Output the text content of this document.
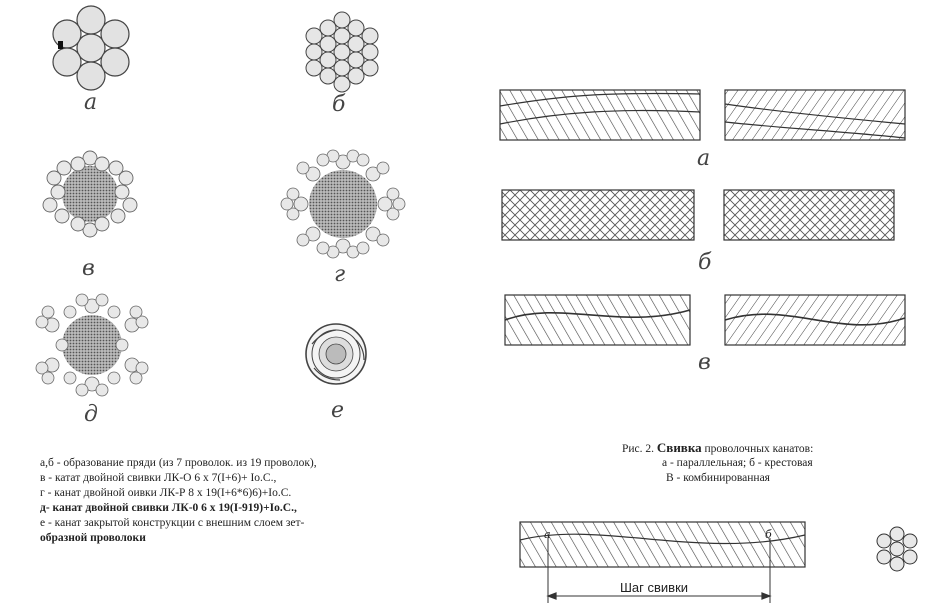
а	б
в	г
д	е
а,б - образование пряди (из 7 проволок. из 19 проволок),
в - катат двойной свивки ЛК-О 6 х 7(I+6)+ Iо.С.,
г - канат двойной оивки ЛК-Р 8 х 19(I+6*6)6)+Iо.С.
д- канат двойной свивки ЛК-0 6 х 19(I-919)+Iо.С.,
е - канат закрытой конструкции с внешним слоем зет-
образной проволоки
а
б
в
Рис. 2. Свивка проволочных канатов:
а - параллельная; б - крестовая
В - комбинированная
а	б
Шаг свивки
